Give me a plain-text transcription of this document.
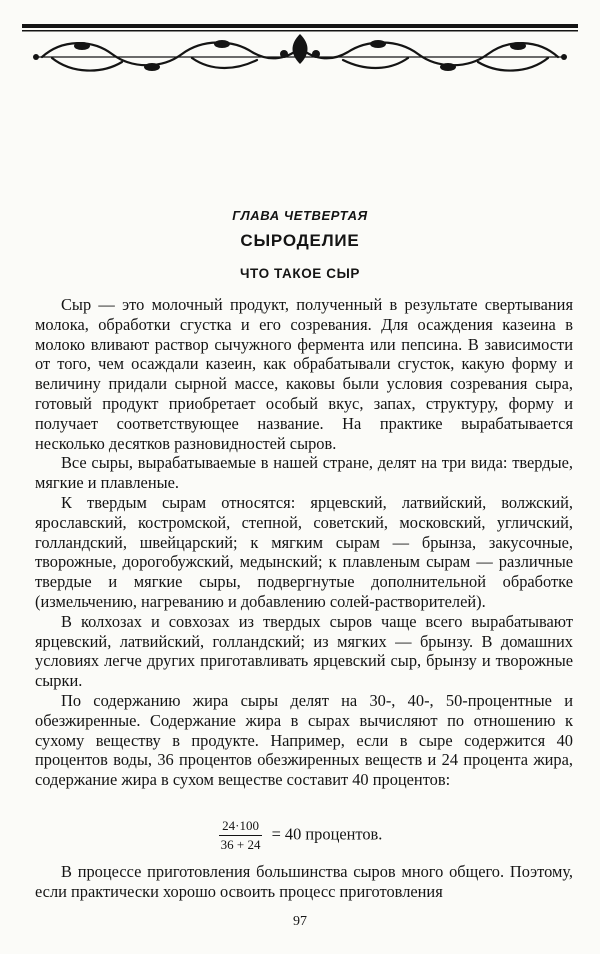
ГЛАВА ЧЕТВЕРТАЯ
СЫРОДЕЛИЕ
ЧТО ТАКОЕ СЫР

Сыр — это молочный продукт, полученный в результате свертывания молока, обработки сгустка и его созревания. Для осаждения казеина в молоко вливают раствор сычужного фермента или пепсина. В зависимости от того, чем осаждали казеин, как обрабатывали сгусток, какую форму и величину придали сырной массе, каковы были условия созревания сыра, готовый продукт приобретает особый вкус, запах, структуру, форму и получает соответствующее название. На практике вырабатывается несколько десятков разновидностей сыров.

Все сыры, вырабатываемые в нашей стране, делят на три вида: твердые, мягкие и плавленые.

К твердым сырам относятся: ярцевский, латвийский, волжский, ярославский, костромской, степной, советский, московский, угличский, голландский, швейцарский; к мягким сырам — брынза, закусочные, творожные, дорогобужский, медынский; к плавленым сырам — различные твердые и мягкие сыры, подвергнутые дополнительной обработке (измельчению, нагреванию и добавлению солей-растворителей).

В колхозах и совхозах из твердых сыров чаще всего вырабатывают ярцевский, латвийский, голландский; из мягких — брынзу. В домашних условиях легче других приготавливать ярцевский сыр, брынзу и творожные сырки.

По содержанию жира сыры делят на 30-, 40-, 50-процентные и обезжиренные. Содержание жира в сырах вычисляют по отношению к сухому веществу в продукте. Например, если в сыре содержится 40 процентов воды, 36 процентов обезжиренных веществ и 24 процента жира, содержание жира в сухом веществе составит 40 процентов:

$\frac{24\cdot 100}{36 + 24} = 40$ процентов.

В процессе приготовления большинства сыров много общего. Поэтому, если практически хорошо освоить процесс приготовления

97
